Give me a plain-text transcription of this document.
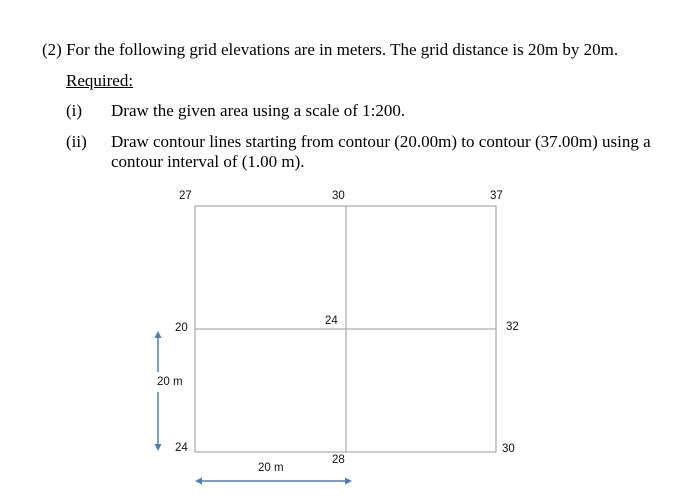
(2) For the following grid elevations are in meters. The grid distance is 20m by 20m.
Required:
(i) Draw the given area using a scale of 1:200.
(ii) Draw contour lines starting from contour (20.00m) to contour (37.00m) using a
contour interval of (1.00 m).
27	30	37
20
24	32
24
28
30
20 m
20 m
